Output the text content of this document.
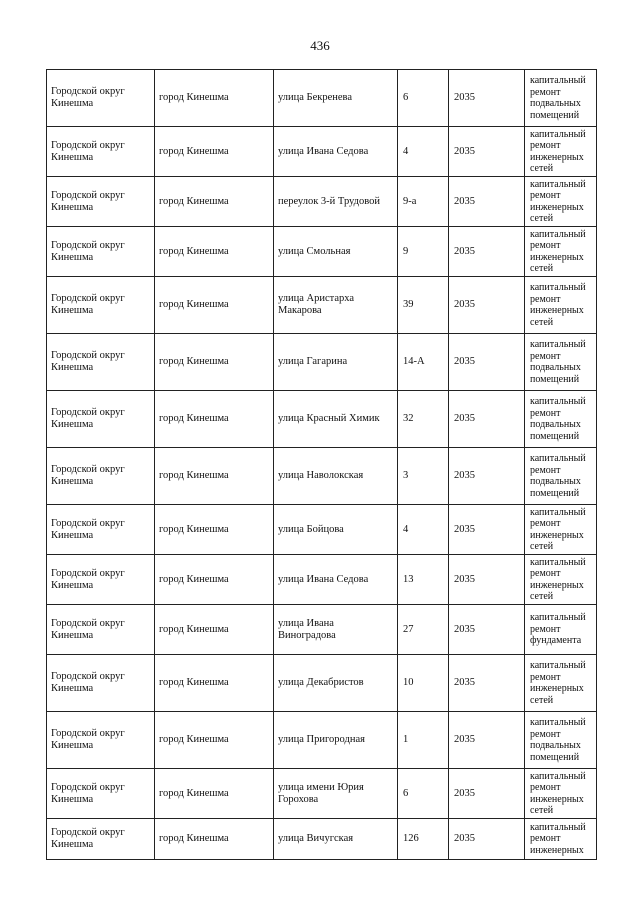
436
Городской округ Кинешма	город Кинешма	улица Бекренева	6	2035	капитальный ремонт подвальных помещений
Городской округ Кинешма	город Кинешма	улица Ивана Седова	4	2035	капитальный ремонт инженерных сетей
Городской округ Кинешма	город Кинешма	переулок 3-й Трудовой	9-а	2035	капитальный ремонт инженерных сетей
Городской округ Кинешма	город Кинешма	улица Смольная	9	2035	капитальный ремонт инженерных сетей
Городской округ Кинешма	город Кинешма	улица Аристарха Макарова	39	2035	капитальный ремонт инженерных сетей
Городской округ Кинешма	город Кинешма	улица Гагарина	14-А	2035	капитальный ремонт подвальных помещений
Городской округ Кинешма	город Кинешма	улица Красный Химик	32	2035	капитальный ремонт подвальных помещений
Городской округ Кинешма	город Кинешма	улица Наволокская	3	2035	капитальный ремонт подвальных помещений
Городской округ Кинешма	город Кинешма	улица Бойцова	4	2035	капитальный ремонт инженерных сетей
Городской округ Кинешма	город Кинешма	улица Ивана Седова	13	2035	капитальный ремонт инженерных сетей
Городской округ Кинешма	город Кинешма	улица Ивана Виноградова	27	2035	капитальный ремонт фундамента
Городской округ Кинешма	город Кинешма	улица Декабристов	10	2035	капитальный ремонт инженерных сетей
Городской округ Кинешма	город Кинешма	улица Пригородная	1	2035	капитальный ремонт подвальных помещений
Городской округ Кинешма	город Кинешма	улица имени Юрия Горохова	6	2035	капитальный ремонт инженерных сетей
Городской округ Кинешма	город Кинешма	улица Вичугская	126	2035	капитальный ремонт инженерных
